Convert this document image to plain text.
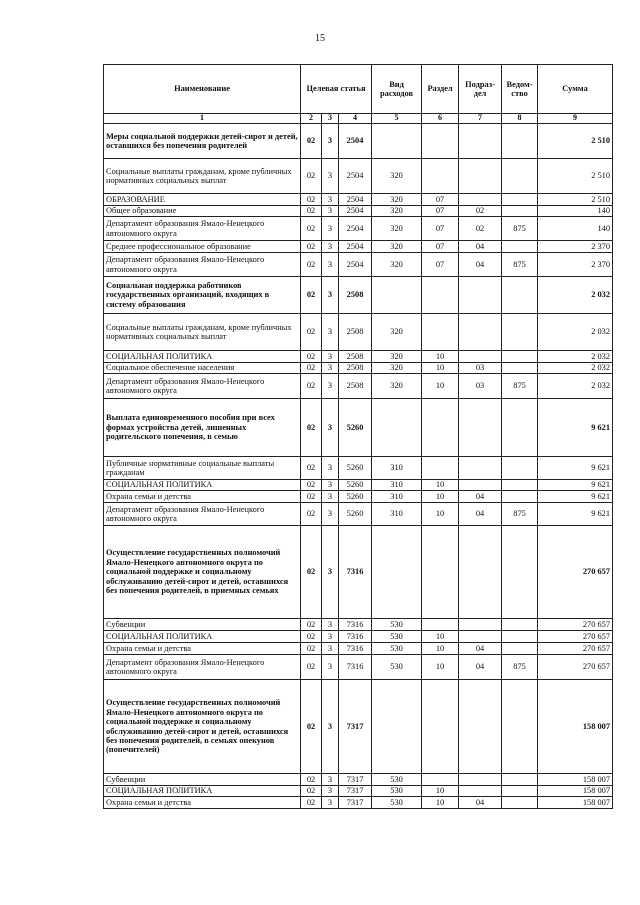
15
Наименование	Целевая статья			Вид расходов	Раздел	Подраз-дел	Ведом-ство	Сумма
1	2	3	4	5	6	7	8	9
Меры социальной поддержки детей-сирот и детей, оставшихся без попечения родителей	02	3	2504					2 510
Социальные выплаты гражданам, кроме публичных нормативных социальных выплат	02	3	2504	320				2 510
ОБРАЗОВАНИЕ	02	3	2504	320	07			2 510
Общее образование	02	3	2504	320	07	02		140
Департамент образования Ямало-Ненецкого автономного округа	02	3	2504	320	07	02	875	140
Среднее профессиональное образование	02	3	2504	320	07	04		2 370
Департамент образования Ямало-Ненецкого автономного округа	02	3	2504	320	07	04	875	2 370
Социальная поддержка работников государственных организаций, входящих в систему образования	02	3	2508					2 032
Социальные выплаты гражданам, кроме публичных нормативных социальных выплат	02	3	2508	320				2 032
СОЦИАЛЬНАЯ ПОЛИТИКА	02	3	2508	320	10			2 032
Социальное обеспечение населения	02	3	2508	320	10	03		2 032
Департамент образования Ямало-Ненецкого автономного округа	02	3	2508	320	10	03	875	2 032
Выплата единовременного пособия при всех формах устройства детей, лишенных родительского попечения, в семью	02	3	5260					9 621
Публичные нормативные социальные выплаты гражданам	02	3	5260	310				9 621
СОЦИАЛЬНАЯ ПОЛИТИКА	02	3	5260	310	10			9 621
Охрана семьи и детства	02	3	5260	310	10	04		9 621
Департамент образования Ямало-Ненецкого автономного округа	02	3	5260	310	10	04	875	9 621
Осуществление государственных полномочий Ямало-Ненецкого автономного округа по социальной поддержке и социальному обслуживанию детей-сирот и детей, оставшихся без попечения родителей, в приемных семьях	02	3	7316					270 657
Субвенции	02	3	7316	530				270 657
СОЦИАЛЬНАЯ ПОЛИТИКА	02	3	7316	530	10			270 657
Охрана семьи и детства	02	3	7316	530	10	04		270 657
Департамент образования Ямало-Ненецкого автономного округа	02	3	7316	530	10	04	875	270 657
Осуществление государственных полномочий Ямало-Ненецкого автономного округа по социальной поддержке и социальному обслуживанию детей-сирот и детей, оставшихся без попечения родителей, в семьях опекунов (попечителей)	02	3	7317					158 007
Субвенции	02	3	7317	530				158 007
СОЦИАЛЬНАЯ ПОЛИТИКА	02	3	7317	530	10			158 007
Охрана семьи и детства	02	3	7317	530	10	04		158 007
